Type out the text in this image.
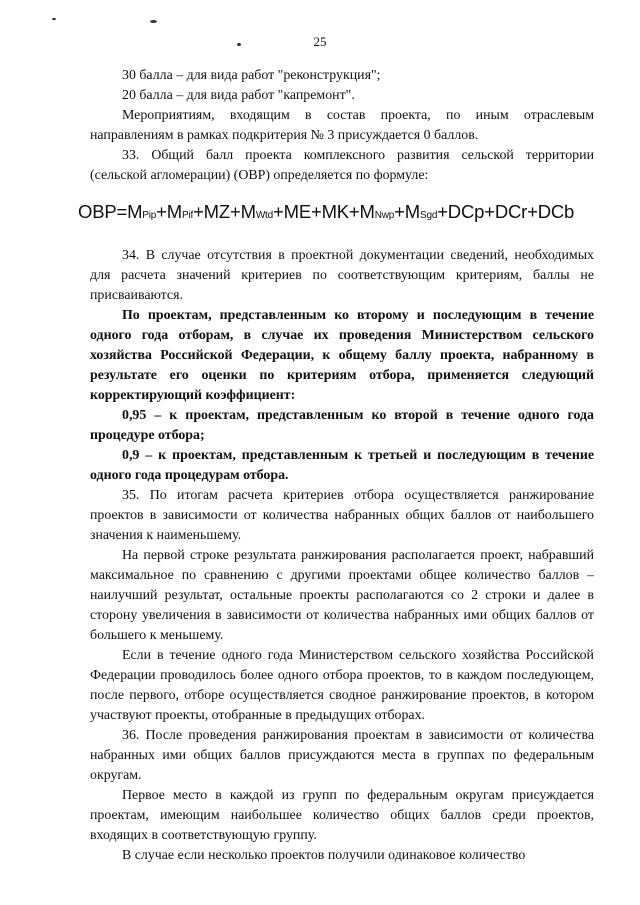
25

30 балла – для вида работ "реконструкция";

20 балла – для вида работ "капремонт".

Мероприятиям, входящим в состав проекта, по иным отраслевым направлениям в рамках подкритерия № 3 присуждается 0 баллов.

33. Общий балл проекта комплексного развития сельской территории (сельской агломерации) (ОВР) определяется по формуле:

ОВР=МPip+МPif+МZ+МWtd+МE+МK+МNwp+МSgd+DCp+DCr+DCb

34. В случае отсутствия в проектной документации сведений, необходимых для расчета значений критериев по соответствующим критериям, баллы не присваиваются.

По проектам, представленным ко второму и последующим в течение одного года отборам, в случае их проведения Министерством сельского хозяйства Российской Федерации, к общему баллу проекта, набранному в результате его оценки по критериям отбора, применяется следующий корректирующий коэффициент:

0,95 – к проектам, представленным ко второй в течение одного года процедуре отбора;

0,9 – к проектам, представленным к третьей и последующим в течение одного года процедурам отбора.

35. По итогам расчета критериев отбора осуществляется ранжирование проектов в зависимости от количества набранных общих баллов от наибольшего значения к наименьшему.

На первой строке результата ранжирования располагается проект, набравший максимальное по сравнению с другими проектами общее количество баллов – наилучший результат, остальные проекты располагаются со 2 строки и далее в сторону увеличения в зависимости от количества набранных ими общих баллов от большего к меньшему.

Если в течение одного года Министерством сельского хозяйства Российской Федерации проводилось более одного отбора проектов, то в каждом последующем, после первого, отборе осуществляется сводное ранжирование проектов, в котором участвуют проекты, отобранные в предыдущих отборах.

36. После проведения ранжирования проектам в зависимости от количества набранных ими общих баллов присуждаются места в группах по федеральным округам.

Первое место в каждой из групп по федеральным округам присуждается проектам, имеющим наибольшее количество общих баллов среди проектов, входящих в соответствующую группу.

В случае если несколько проектов получили одинаковое количество
